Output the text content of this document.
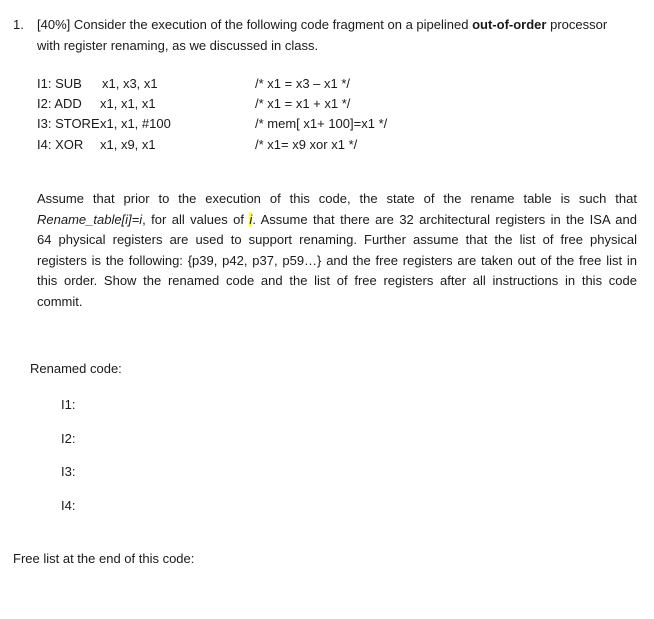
1. [40%] Consider the execution of the following code fragment on a pipelined out-of-order processor
with register renaming, as we discussed in class.
I1: SUB x1, x3, x1	/* x1 = x3 – x1 */
I2: ADD x1, x1, x1	/* x1 = x1 + x1 */
I3: STORE x1, x1, #100	/* mem[ x1+ 100]=x1 */
I4: XOR x1, x9, x1	/* x1= x9 xor x1 */
Assume that prior to the execution of this code, the state of the rename table is such that
Rename_table[i]=i, for all values of i. Assume that there are 32 architectural registers in the ISA and
64 physical registers are used to support renaming. Further assume that the list of free physical
registers is the following: {p39, p42, p37, p59…} and the free registers are taken out of the free list in
this order. Show the renamed code and the list of free registers after all instructions in this code
commit.
Renamed code:
I1:
I2:
I3:
I4:
Free list at the end of this code:
